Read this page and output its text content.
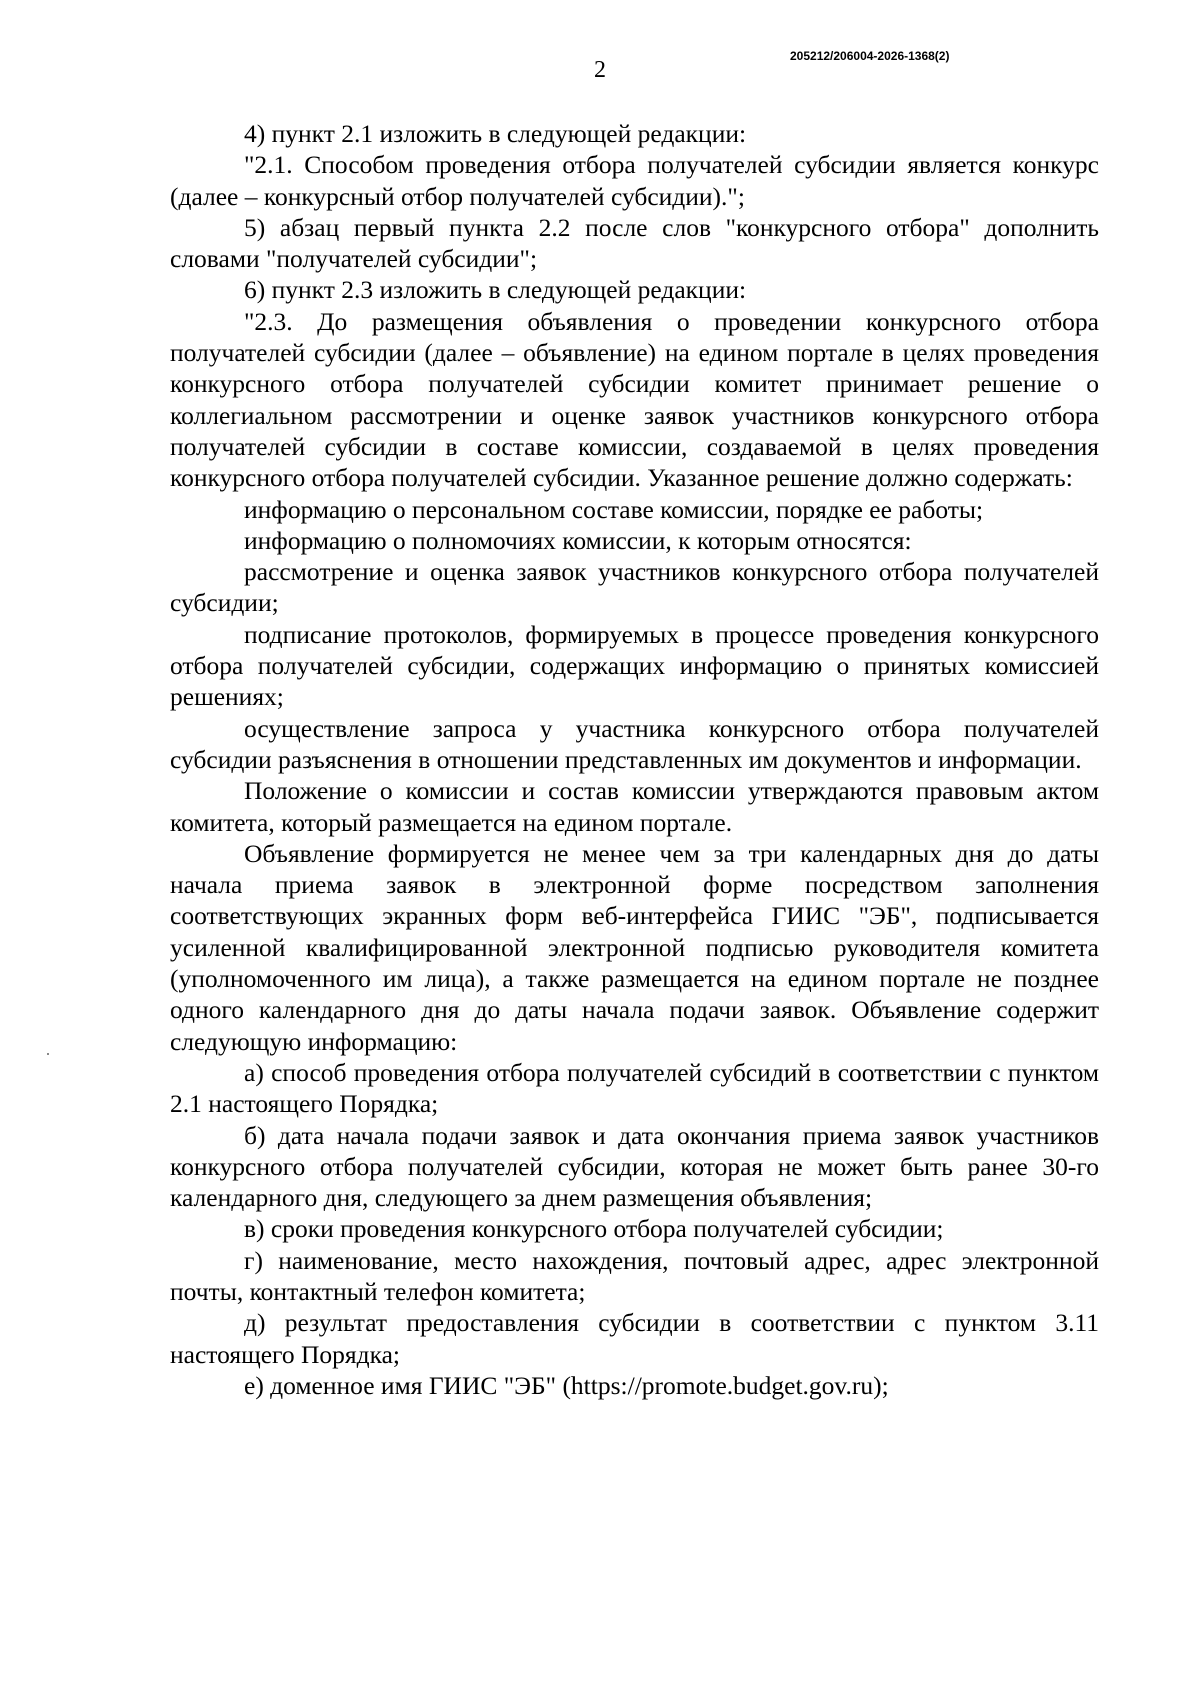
2
205212/206004-2026-1368(2)

4) пункт 2.1 изложить в следующей редакции:

"2.1. Способом проведения отбора получателей субсидии является конкурс (далее – конкурсный отбор получателей субсидии).";

5) абзац первый пункта 2.2 после слов "конкурсного отбора" дополнить словами "получателей субсидии";

6) пункт 2.3 изложить в следующей редакции:

"2.3. До размещения объявления о проведении конкурсного отбора получателей субсидии (далее – объявление) на едином портале в целях проведения конкурсного отбора получателей субсидии комитет принимает решение о коллегиальном рассмотрении и оценке заявок участников конкурсного отбора получателей субсидии в составе комиссии, создаваемой в целях проведения конкурсного отбора получателей субсидии. Указанное решение должно содержать:

информацию о персональном составе комиссии, порядке ее работы;

информацию о полномочиях комиссии, к которым относятся:

рассмотрение и оценка заявок участников конкурсного отбора получателей субсидии;

подписание протоколов, формируемых в процессе проведения конкурсного отбора получателей субсидии, содержащих информацию о принятых комиссией решениях;

осуществление запроса у участника конкурсного отбора получателей субсидии разъяснения в отношении представленных им документов и информации.

Положение о комиссии и состав комиссии утверждаются правовым актом комитета, который размещается на едином портале.

Объявление формируется не менее чем за три календарных дня до даты начала приема заявок в электронной форме посредством заполнения соответствующих экранных форм веб-интерфейса ГИИС "ЭБ", подписывается усиленной квалифицированной электронной подписью руководителя комитета (уполномоченного им лица), а также размещается на едином портале не позднее одного календарного дня до даты начала подачи заявок. Объявление содержит следующую информацию:

а) способ проведения отбора получателей субсидий в соответствии с пунктом 2.1 настоящего Порядка;

б) дата начала подачи заявок и дата окончания приема заявок участников конкурсного отбора получателей субсидии, которая не может быть ранее 30-го календарного дня, следующего за днем размещения объявления;

в) сроки проведения конкурсного отбора получателей субсидии;

г) наименование, место нахождения, почтовый адрес, адрес электронной почты, контактный телефон комитета;

д) результат предоставления субсидии в соответствии с пунктом 3.11 настоящего Порядка;

е) доменное имя ГИИС "ЭБ" (https://promote.budget.gov.ru);
